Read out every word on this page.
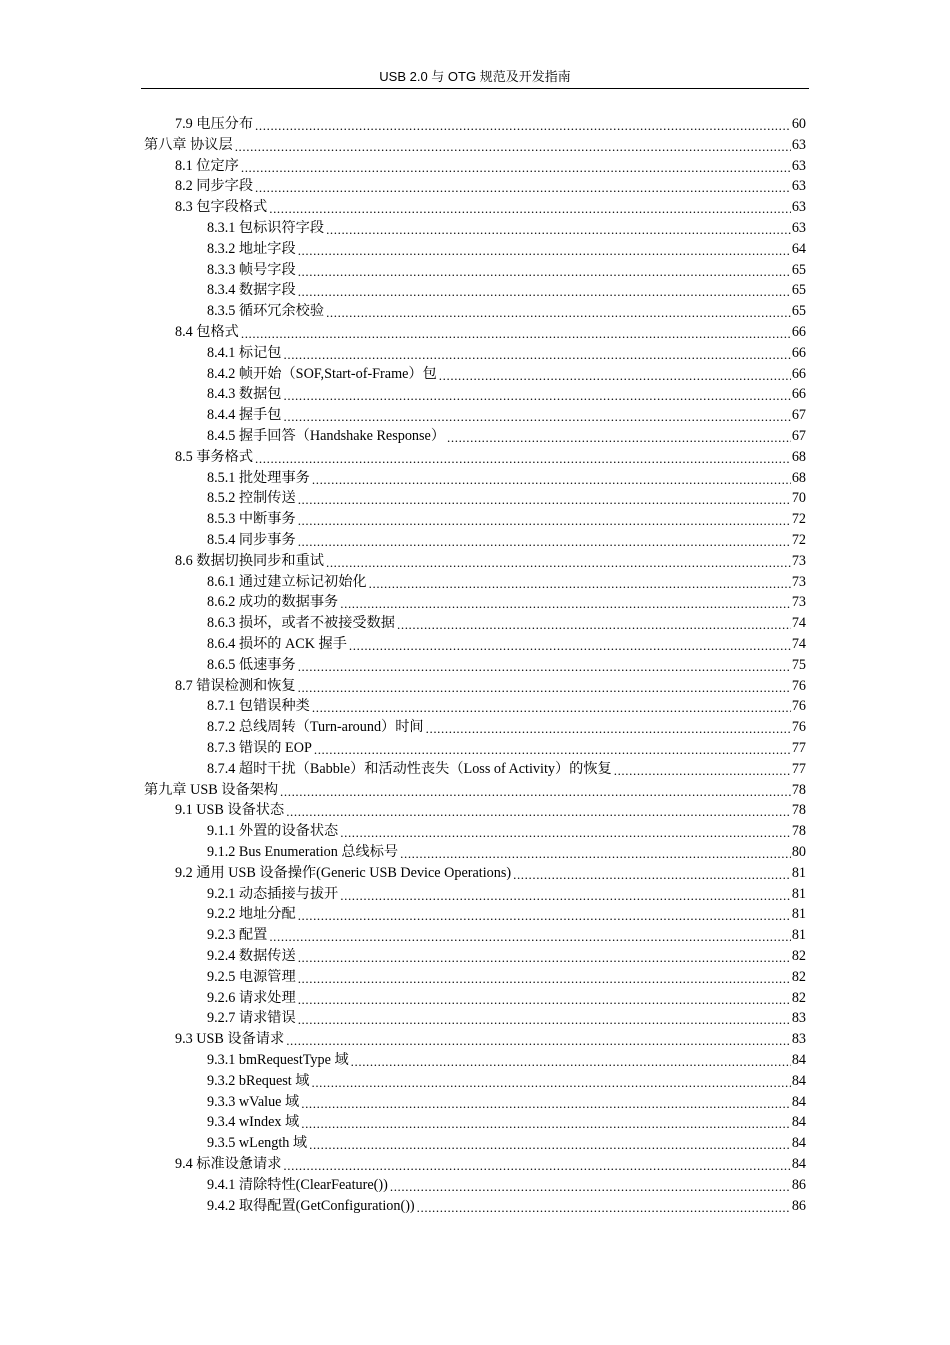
USB 2.0 与 OTG 规范及开发指南
7.9 电压分布 .....	60
第八章 协议层 .....	63
8.1 位定序 .....	63
8.2 同步字段 .....	63
8.3 包字段格式 .....	63
8.3.1 包标识符字段 .....	63
8.3.2 地址字段 .....	64
8.3.3 帧号字段 .....	65
8.3.4 数据字段 .....	65
8.3.5 循环冗余校验 .....	65
8.4 包格式 .....	66
8.4.1 标记包 .....	66
8.4.2 帧开始（SOF,Start-of-Frame）包 .....	66
8.4.3 数据包 .....	66
8.4.4 握手包 .....	67
8.4.5 握手回答（Handshake Response） .....	67
8.5 事务格式 .....	68
8.5.1 批处理事务 .....	68
8.5.2 控制传送 .....	70
8.5.3 中断事务 .....	72
8.5.4 同步事务 .....	72
8.6 数据切换同步和重试 .....	73
8.6.1 通过建立标记初始化 .....	73
8.6.2 成功的数据事务 .....	73
8.6.3 损坏，或者不被接受数据 .....	74
8.6.4 损坏的 ACK 握手 .....	74
8.6.5 低速事务 .....	75
8.7 错误检测和恢复 .....	76
8.7.1 包错误种类 .....	76
8.7.2 总线周转（Turn-around）时间 .....	76
8.7.3 错误的 EOP .....	77
8.7.4 超时干扰（Babble）和活动性丧失（Loss of Activity）的恢复 .....	77
第九章 USB 设备架构 .....	78
9.1 USB 设备状态 .....	78
9.1.1 外置的设备状态 .....	78
9.1.2 Bus Enumeration 总线标号 .....	80
9.2 通用 USB 设备操作(Generic USB Device Operations) .....	81
9.2.1 动态插接与拔开 .....	81
9.2.2 地址分配 .....	81
9.2.3 配置 .....	81
9.2.4 数据传送 .....	82
9.2.5 电源管理 .....	82
9.2.6 请求处理 .....	82
9.2.7 请求错误 .....	83
9.3 USB 设备请求 .....	83
9.3.1 bmRequestType 域 .....	84
9.3.2 bRequest 域 .....	84
9.3.3 wValue 域 .....	84
9.3.4 wIndex 域 .....	84
9.3.5 wLength 域 .....	84
9.4 标准设惫请求 .....	84
9.4.1 清除特性(ClearFeature()) .....	86
9.4.2 取得配置(GetConfiguration()) .....	86
